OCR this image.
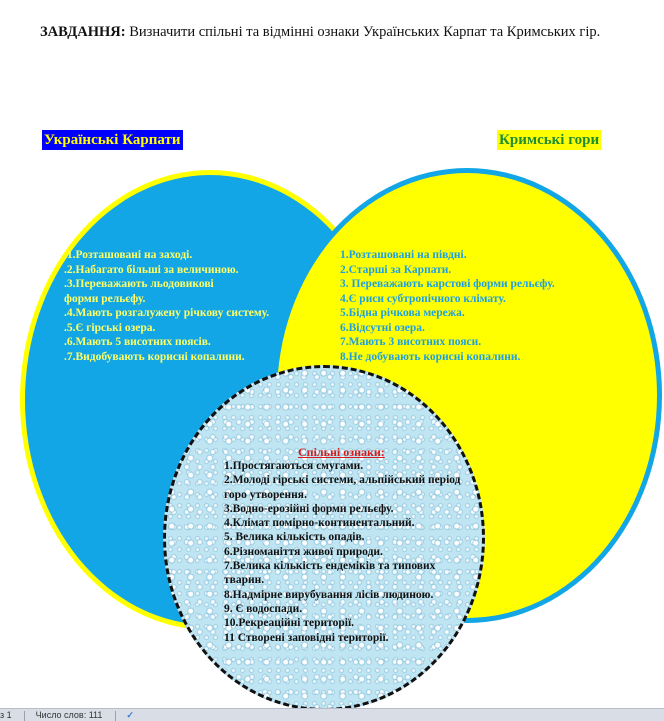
ЗАВДАННЯ: Визначити спільні та відмінні ознаки Українських Карпат та Кримських гір.
Українські Карпати	Кримські гори
.1.Розташовані на заході.
.2.Набагато більші за величиною.
.3.Переважають льодовикові
форми рельєфу.
.4.Мають розгалужену річкову систему.
.5.Є гірські озера.
.6.Мають 5 висотних поясів.
.7.Видобувають корисні копалини.
1.Розташовані на півдні.
2.Старші за Карпати.
3. Переважають карстові форми рельєфу.
4.Є риси субтропічного клімату.
5.Бідна річкова мережа.
6.Відсутні озера.
7.Мають 3 висотних пояси.
8.Не добувають корисні копалини.
Спільні ознаки:
1.Простягаються смугами.
2.Молоді гірські системи, альпійський період горо утворення.
3.Водно-ерозійні форми рельєфу.
4.Клімат помірно-континентальний.
5. Велика кількість опадів.
6.Різноманіття живої природи.
7.Велика кількість ендеміків та типових тварин.
8.Надмірне вирубування лісів людиною.
9. Є водоспади.
10.Рекреаційні території.
11 Створені заповідні території.
з 1	Число слов: 111	✓
